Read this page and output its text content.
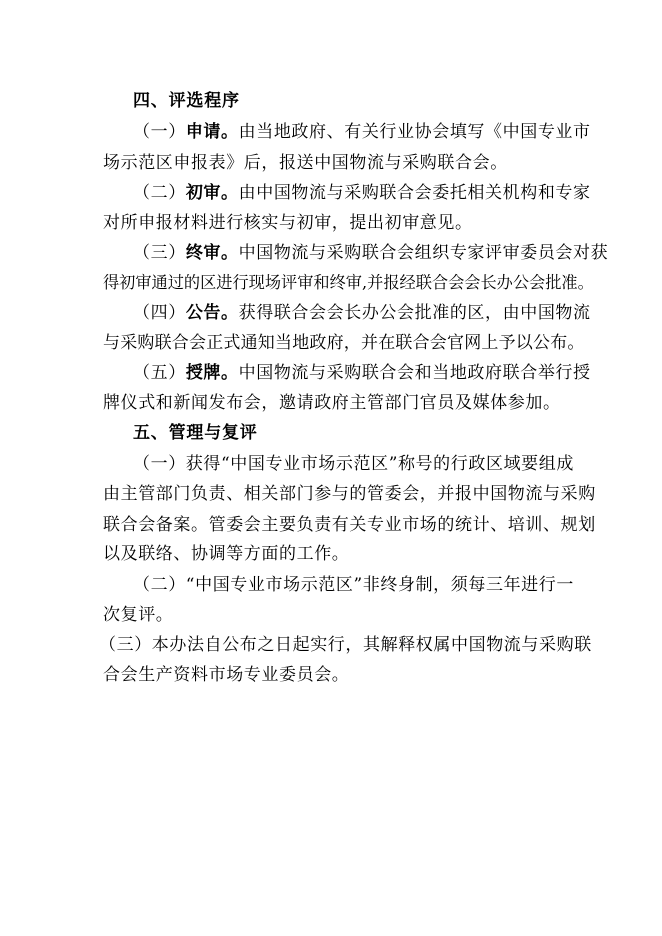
四、评选程序
（一）申请。由当地政府、有关行业协会填写《中国专业市
场示范区申报表》后，报送中国物流与采购联合会。
（二）初审。由中国物流与采购联合会委托相关机构和专家
对所申报材料进行核实与初审，提出初审意见。
（三）终审。中国物流与采购联合会组织专家评审委员会对获
得初审通过的区进行现场评审和终审,并报经联合会会长办公会批准。
（四）公告。获得联合会会长办公会批准的区，由中国物流
与采购联合会正式通知当地政府，并在联合会官网上予以公布。
（五）授牌。中国物流与采购联合会和当地政府联合举行授
牌仪式和新闻发布会，邀请政府主管部门官员及媒体参加。
五、管理与复评
（一）获得“中国专业市场示范区”称号的行政区域要组成
由主管部门负责、相关部门参与的管委会，并报中国物流与采购
联合会备案。管委会主要负责有关专业市场的统计、培训、规划
以及联络、协调等方面的工作。
（二）“中国专业市场示范区”非终身制，须每三年进行一
次复评。
（三）本办法自公布之日起实行，其解释权属中国物流与采购联
合会生产资料市场专业委员会。
